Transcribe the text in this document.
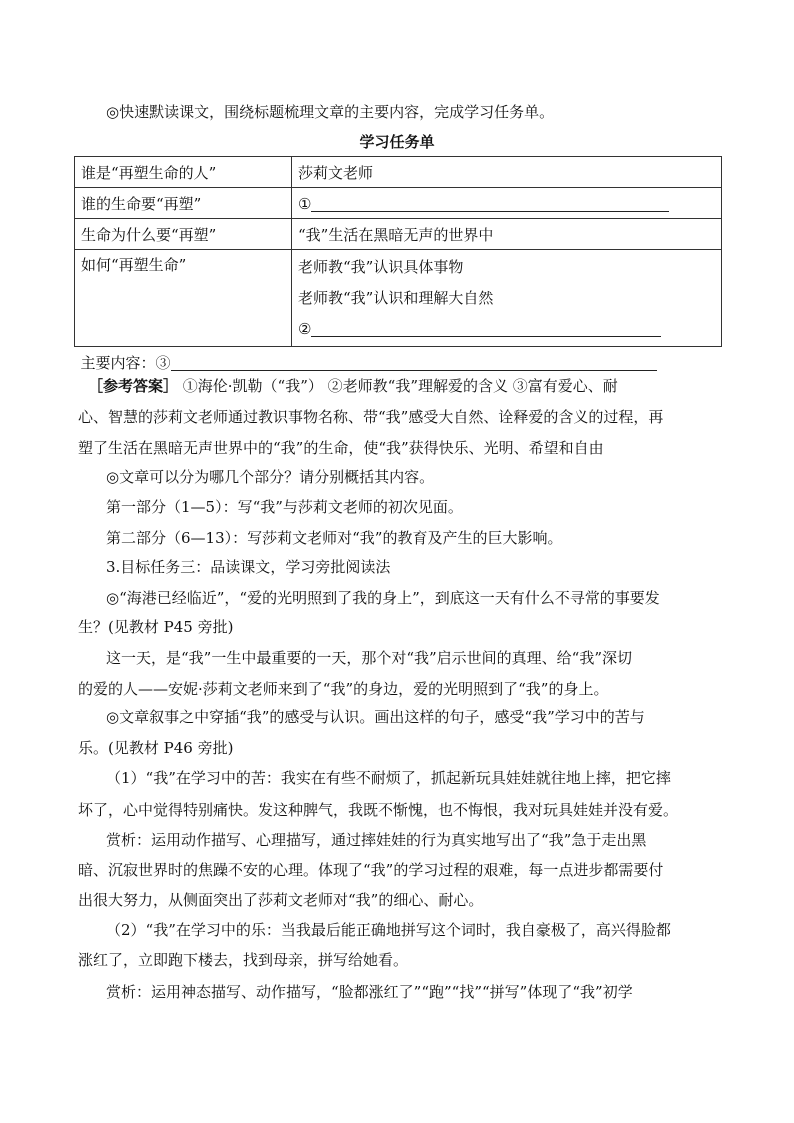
◎快速默读课文，围绕标题梳理文章的主要内容，完成学习任务单。
学习任务单
谁是“再塑生命的人”	莎莉文老师
谁的生命要“再塑”	①
生命为什么要“再塑”	“我”生活在黑暗无声的世界中
如何“再塑生命”	老师教“我”认识具体事物
老师教“我”认识和理解大自然
②

主要内容：③	
［参考答案］ ①海伦·凯勒（“我”） ②老师教“我”理解爱的含义 ③富有爱心、耐
心、智慧的莎莉文老师通过教识事物名称、带“我”感受大自然、诠释爱的含义的过程，再
塑了生活在黑暗无声世界中的“我”的生命，使“我”获得快乐、光明、希望和自由
◎文章可以分为哪几个部分？请分别概括其内容。
第一部分（1—5）：写“我”与莎莉文老师的初次见面。
第二部分（6—13）：写莎莉文老师对“我”的教育及产生的巨大影响。
3.目标任务三：品读课文，学习旁批阅读法
◎“海港已经临近”，“爱的光明照到了我的身上”，到底这一天有什么不寻常的事要发
生？(见教材 P45 旁批)
这一天，是“我”一生中最重要的一天，那个对“我”启示世间的真理、给“我”深切
的爱的人——安妮·莎莉文老师来到了“我”的身边，爱的光明照到了“我”的身上。
◎文章叙事之中穿插“我”的感受与认识。画出这样的句子，感受“我”学习中的苦与
乐。(见教材 P46 旁批)
（1）“我”在学习中的苦：我实在有些不耐烦了，抓起新玩具娃娃就往地上摔，把它摔
坏了，心中觉得特别痛快。发这种脾气，我既不惭愧，也不悔恨，我对玩具娃娃并没有爱。
赏析：运用动作描写、心理描写，通过摔娃娃的行为真实地写出了“我”急于走出黑
暗、沉寂世界时的焦躁不安的心理。体现了“我”的学习过程的艰难，每一点进步都需要付
出很大努力，从侧面突出了莎莉文老师对“我”的细心、耐心。
（2）“我”在学习中的乐：当我最后能正确地拼写这个词时，我自豪极了，高兴得脸都
涨红了，立即跑下楼去，找到母亲，拼写给她看。
赏析：运用神态描写、动作描写，“脸都涨红了”“跑”“找”“拼写”体现了“我”初学
